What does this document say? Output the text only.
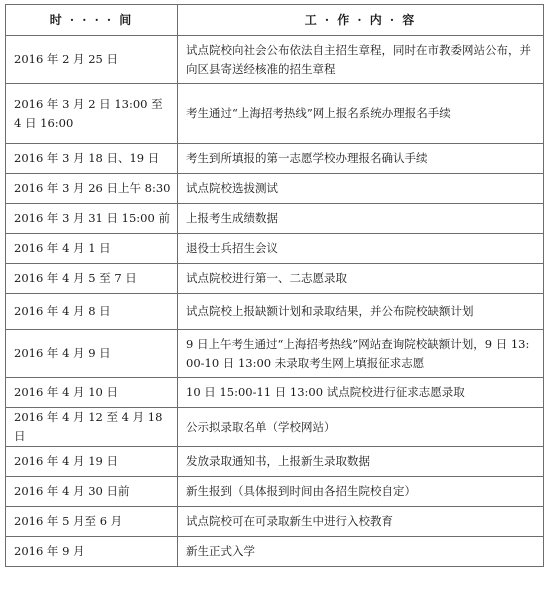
时 · · · · 间	工 · 作 · 内 · 容
2016 年 2 月 25 日	试点院校向社会公布依法自主招生章程，同时在市教委网站公布，并向区县寄送经核准的招生章程
2016 年 3 月 2 日 13:00 至 4 日 16:00	考生通过“上海招考热线”网上报名系统办理报名手续
2016 年 3 月 18 日、19 日	考生到所填报的第一志愿学校办理报名确认手续
2016 年 3 月 26 日上午 8:30	试点院校选拔测试
2016 年 3 月 31 日 15:00 前	上报考生成绩数据
2016 年 4 月 1 日	退役士兵招生会议
2016 年 4 月 5 至 7 日	试点院校进行第一、二志愿录取
2016 年 4 月 8 日	试点院校上报缺额计划和录取结果，并公布院校缺额计划
2016 年 4 月 9 日	9 日上午考生通过“上海招考热线”网站查询院校缺额计划，9 日 13:00-10 日 13:00 未录取考生网上填报征求志愿
2016 年 4 月 10 日	10 日 15:00-11 日 13:00 试点院校进行征求志愿录取
2016 年 4 月 12 至 4 月 18 日	公示拟录取名单（学校网站）
2016 年 4 月 19 日	发放录取通知书，上报新生录取数据
2016 年 4 月 30 日前	新生报到（具体报到时间由各招生院校自定）
2016 年 5 月至 6 月	试点院校可在可录取新生中进行入校教育
2016 年 9 月	新生正式入学
